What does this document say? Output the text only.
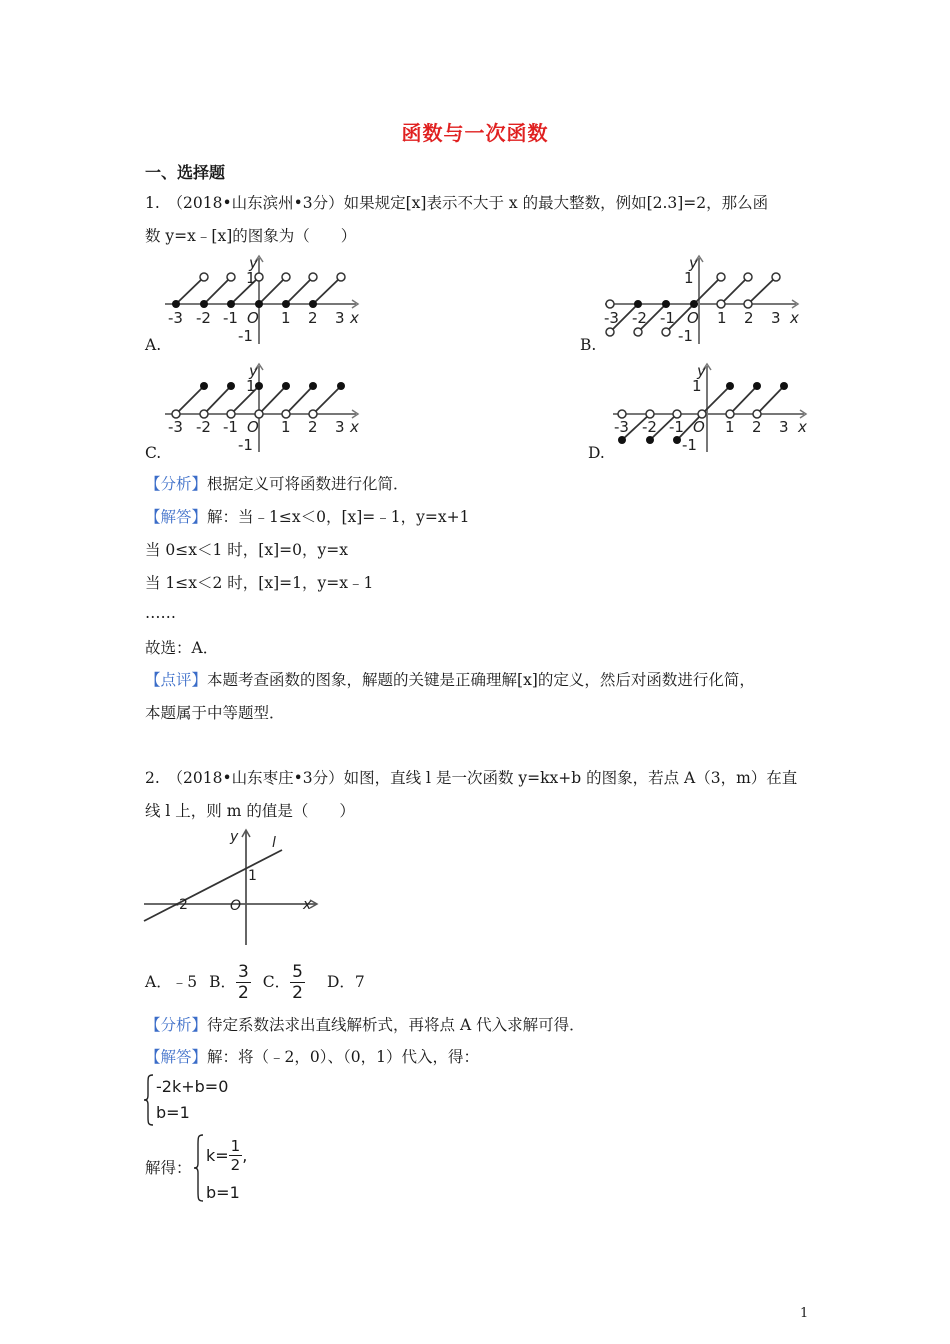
函数与一次函数
一、选择题
1.　（2018•山东滨州•3分）如果规定[x]表示不大于 x 的最大整数，例如[2.3]=2，那么函
数 y=x﹣[x]的图象为（　　）
y
1
-1
O	x
-3 -2 -1	1 2 3
A.
y
1
-1
O	x
-3 -2 -1	1 2 3
B.
y
1
-1
O	x
-3 -2 -1	1 2 3
C.
y
1
-1
O	x
-3 -2 -1	1 2 3
D.
【分析】根据定义可将函数进行化简．
【解答】解：当﹣1≤x＜0，[x]=﹣1，y=x+1
当 0≤x＜1 时，[x]=0，y=x
当 1≤x＜2 时，[x]=1，y=x﹣1
……
故选：A．
【点评】本题考查函数的图象，解题的关键是正确理解[x]的定义，然后对函数进行化简，
本题属于中等题型．
2.　（2018•山东枣庄•3分）如图，直线 l 是一次函数 y=kx+b 的图象，若点 A（3，m）在直
线 l 上，则 m 的值是（　　）
y l
1
-2	O	x
A．﹣5 B． $\frac{3}{2}$ C． $\frac{5}{2}$ D．7
【分析】待定系数法求出直线解析式，再将点 A 代入求解可得．
【解答】解：将（﹣2，0）、（0，1）代入，得：
-2k+b=0
b=1
解得：
$k= \frac{1}{2}$ ,
b=1
1
